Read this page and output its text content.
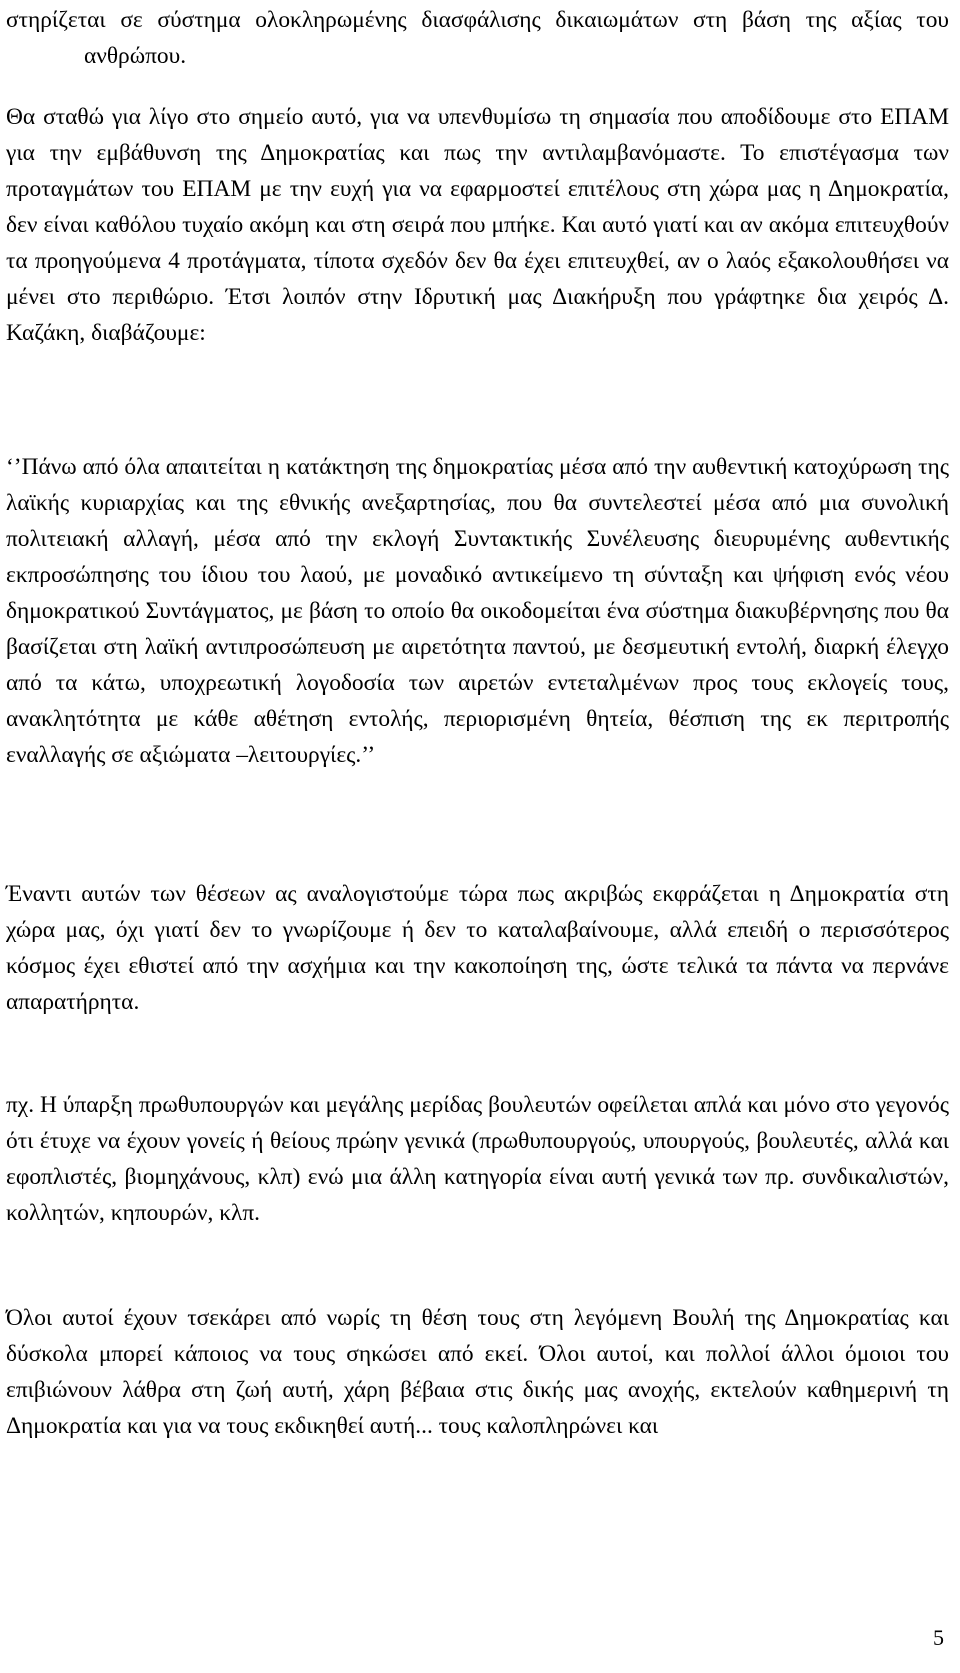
στηρίζεται σε σύστημα ολοκληρωμένης διασφάλισης δικαιωμάτων στη βάση της αξίας του ανθρώπου.

Θα σταθώ για λίγο στο σημείο αυτό, για να υπενθυμίσω τη σημασία που αποδίδουμε στο ΕΠΑΜ για την εμβάθυνση της Δημοκρατίας και πως την αντιλαμβανόμαστε. Το επιστέγασμα των προταγμάτων του ΕΠΑΜ με την ευχή για να εφαρμοστεί επιτέλους στη χώρα μας η Δημοκρατία, δεν είναι καθόλου τυχαίο ακόμη και στη σειρά που μπήκε. Και αυτό γιατί και αν ακόμα επιτευχθούν τα προηγούμενα 4 προτάγματα, τίποτα σχεδόν δεν θα έχει επιτευχθεί, αν ο λαός εξακολουθήσει να μένει στο περιθώριο. Έτσι λοιπόν στην Ιδρυτική μας Διακήρυξη που γράφτηκε δια χειρός Δ. Καζάκη, διαβάζουμε:

‘’Πάνω από όλα απαιτείται η κατάκτηση της δημοκρατίας μέσα από την αυθεντική κατοχύρωση της λαϊκής κυριαρχίας και της εθνικής ανεξαρτησίας, που θα συντελεστεί μέσα από μια συνολική πολιτειακή αλλαγή, μέσα από την εκλογή Συντακτικής Συνέλευσης διευρυμένης αυθεντικής εκπροσώπησης του ίδιου του λαού, με μοναδικό αντικείμενο τη σύνταξη και ψήφιση ενός νέου δημοκρατικού Συντάγματος, με βάση το οποίο θα οικοδομείται ένα σύστημα διακυβέρνησης που θα βασίζεται στη λαϊκή αντιπροσώπευση με αιρετότητα παντού, με δεσμευτική εντολή, διαρκή έλεγχο από τα κάτω, υποχρεωτική λογοδοσία των αιρετών εντεταλμένων προς τους εκλογείς τους, ανακλητότητα με κάθε αθέτηση εντολής, περιορισμένη θητεία, θέσπιση της εκ περιτροπής εναλλαγής σε αξιώματα –λειτουργίες.’’

Έναντι αυτών των θέσεων ας αναλογιστούμε τώρα πως ακριβώς εκφράζεται η Δημοκρατία στη χώρα μας, όχι γιατί δεν το γνωρίζουμε ή δεν το καταλαβαίνουμε, αλλά επειδή ο περισσότερος κόσμος έχει εθιστεί από την ασχήμια και την κακοποίηση της, ώστε τελικά τα πάντα να περνάνε απαρατήρητα.

πχ. Η ύπαρξη πρωθυπουργών και μεγάλης μερίδας βουλευτών οφείλεται απλά και μόνο στο γεγονός ότι έτυχε να έχουν γονείς ή θείους πρώην γενικά (πρωθυπουργούς, υπουργούς, βουλευτές, αλλά και εφοπλιστές, βιομηχάνους, κλπ) ενώ μια άλλη κατηγορία είναι αυτή γενικά των πρ. συνδικαλιστών, κολλητών, κηπουρών, κλπ.

Όλοι αυτοί έχουν τσεκάρει από νωρίς τη θέση τους στη λεγόμενη Βουλή της Δημοκρατίας και δύσκολα μπορεί κάποιος να τους σηκώσει από εκεί. Όλοι αυτοί, και πολλοί άλλοι όμοιοι του επιβιώνουν λάθρα στη ζωή αυτή, χάρη βέβαια στις δικής μας ανοχής, εκτελούν καθημερινή τη Δημοκρατία και για να τους εκδικηθεί αυτή... τους καλοπληρώνει και

5
